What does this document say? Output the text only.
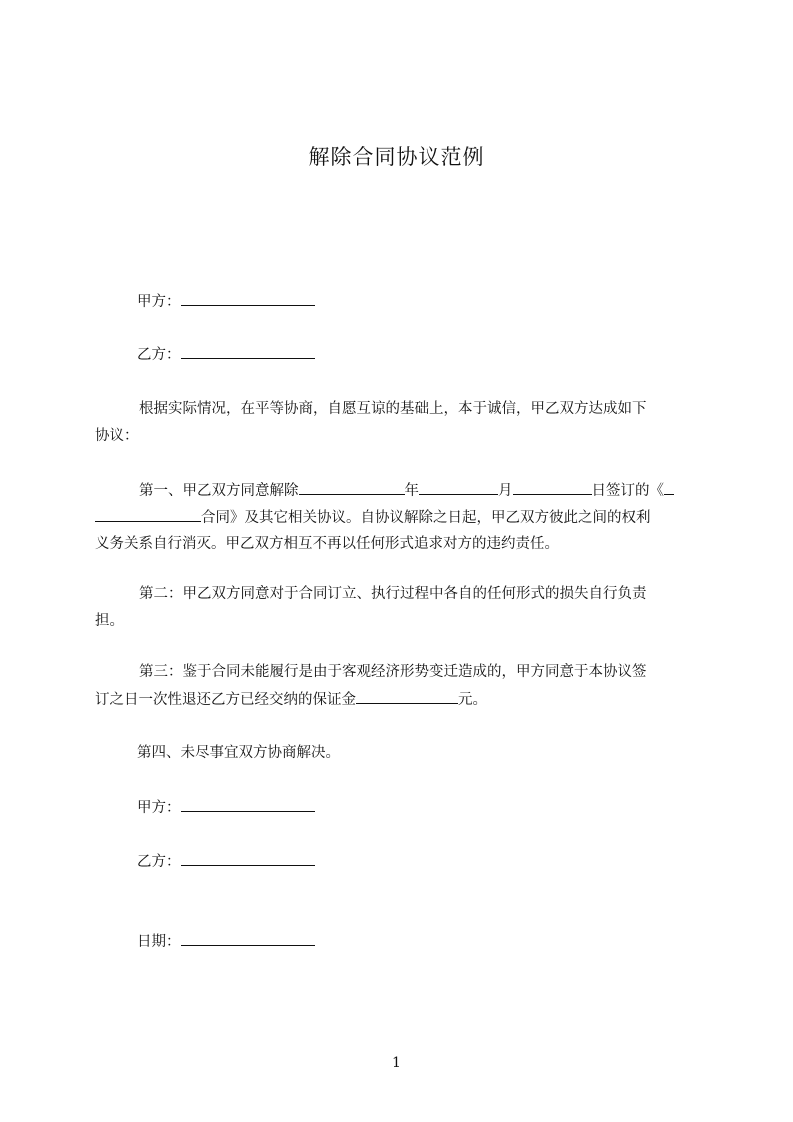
解除合同协议范例
甲方：
乙方：
根据实际情况，在平等协商，自愿互谅的基础上，本于诚信，甲乙双方达成如下
协议：
第一、甲乙双方同意解除	年	月	日签订的《
合同》及其它相关协议。自协议解除之日起，甲乙双方彼此之间的权利
义务关系自行消灭。甲乙双方相互不再以任何形式追求对方的违约责任。
第二：甲乙双方同意对于合同订立、执行过程中各自的任何形式的损失自行负责
担。
第三：鉴于合同未能履行是由于客观经济形势变迁造成的，甲方同意于本协议签
订之日一次性退还乙方已经交纳的保证金	元。
第四、未尽事宜双方协商解决。
甲方：
乙方：
日期：
1
